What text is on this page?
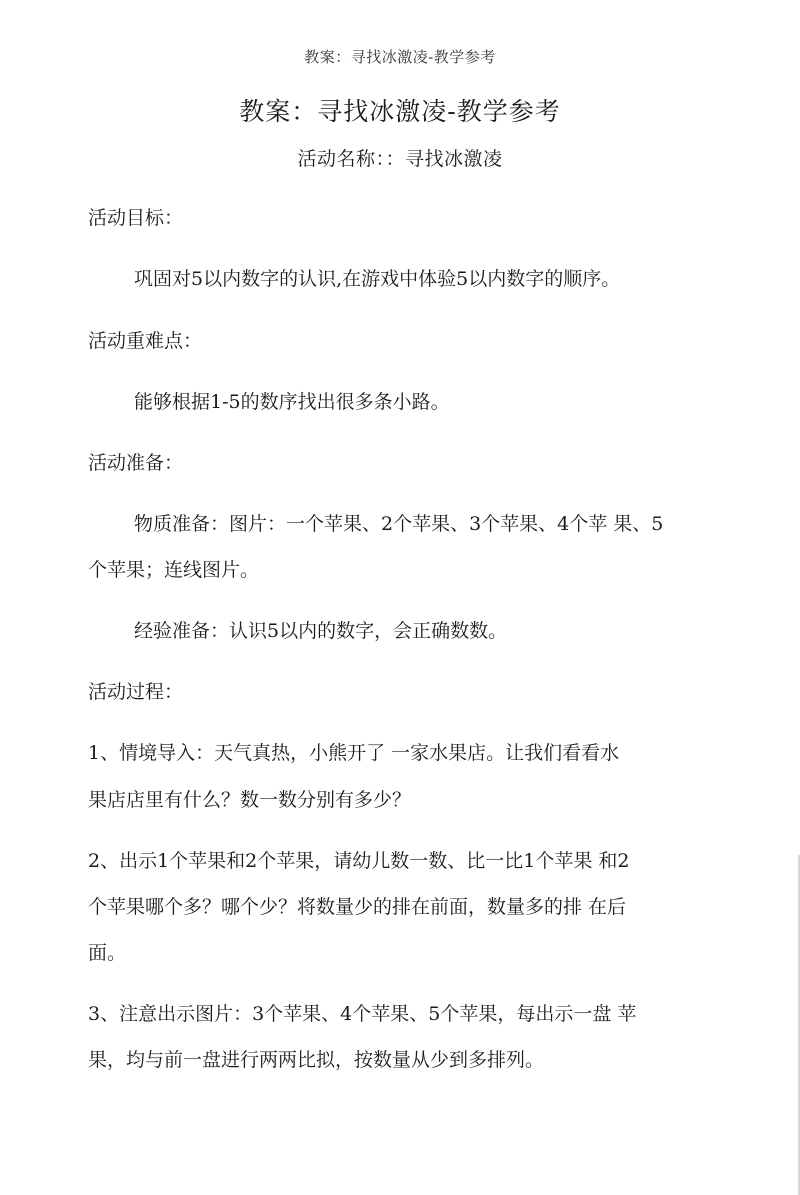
教案：寻找冰激凌-教学参考
教案：寻找冰激凌-教学参考
活动名称：：寻找冰激凌
活动目标：
巩固对5以内数字的认识,在游戏中体验5以内数字的顺序。
活动重难点：
能够根据1-5的数序找出很多条小路。
活动准备：
物质准备：图片：一个苹果、2个苹果、3个苹果、4个苹 果、5
个苹果；连线图片。
经验准备：认识5以内的数字，会正确数数。
活动过程：
1、情境导入：天气真热，小熊开了 一家水果店。让我们看看水
果店店里有什么？数一数分别有多少？
2、出示1个苹果和2个苹果，请幼儿数一数、比一比1个苹果 和2
个苹果哪个多？哪个少？将数量少的排在前面，数量多的排 在后
面。
3、注意出示图片：3个苹果、4个苹果、5个苹果，每出示一盘 苹
果，均与前一盘进行两两比拟，按数量从少到多排列。
